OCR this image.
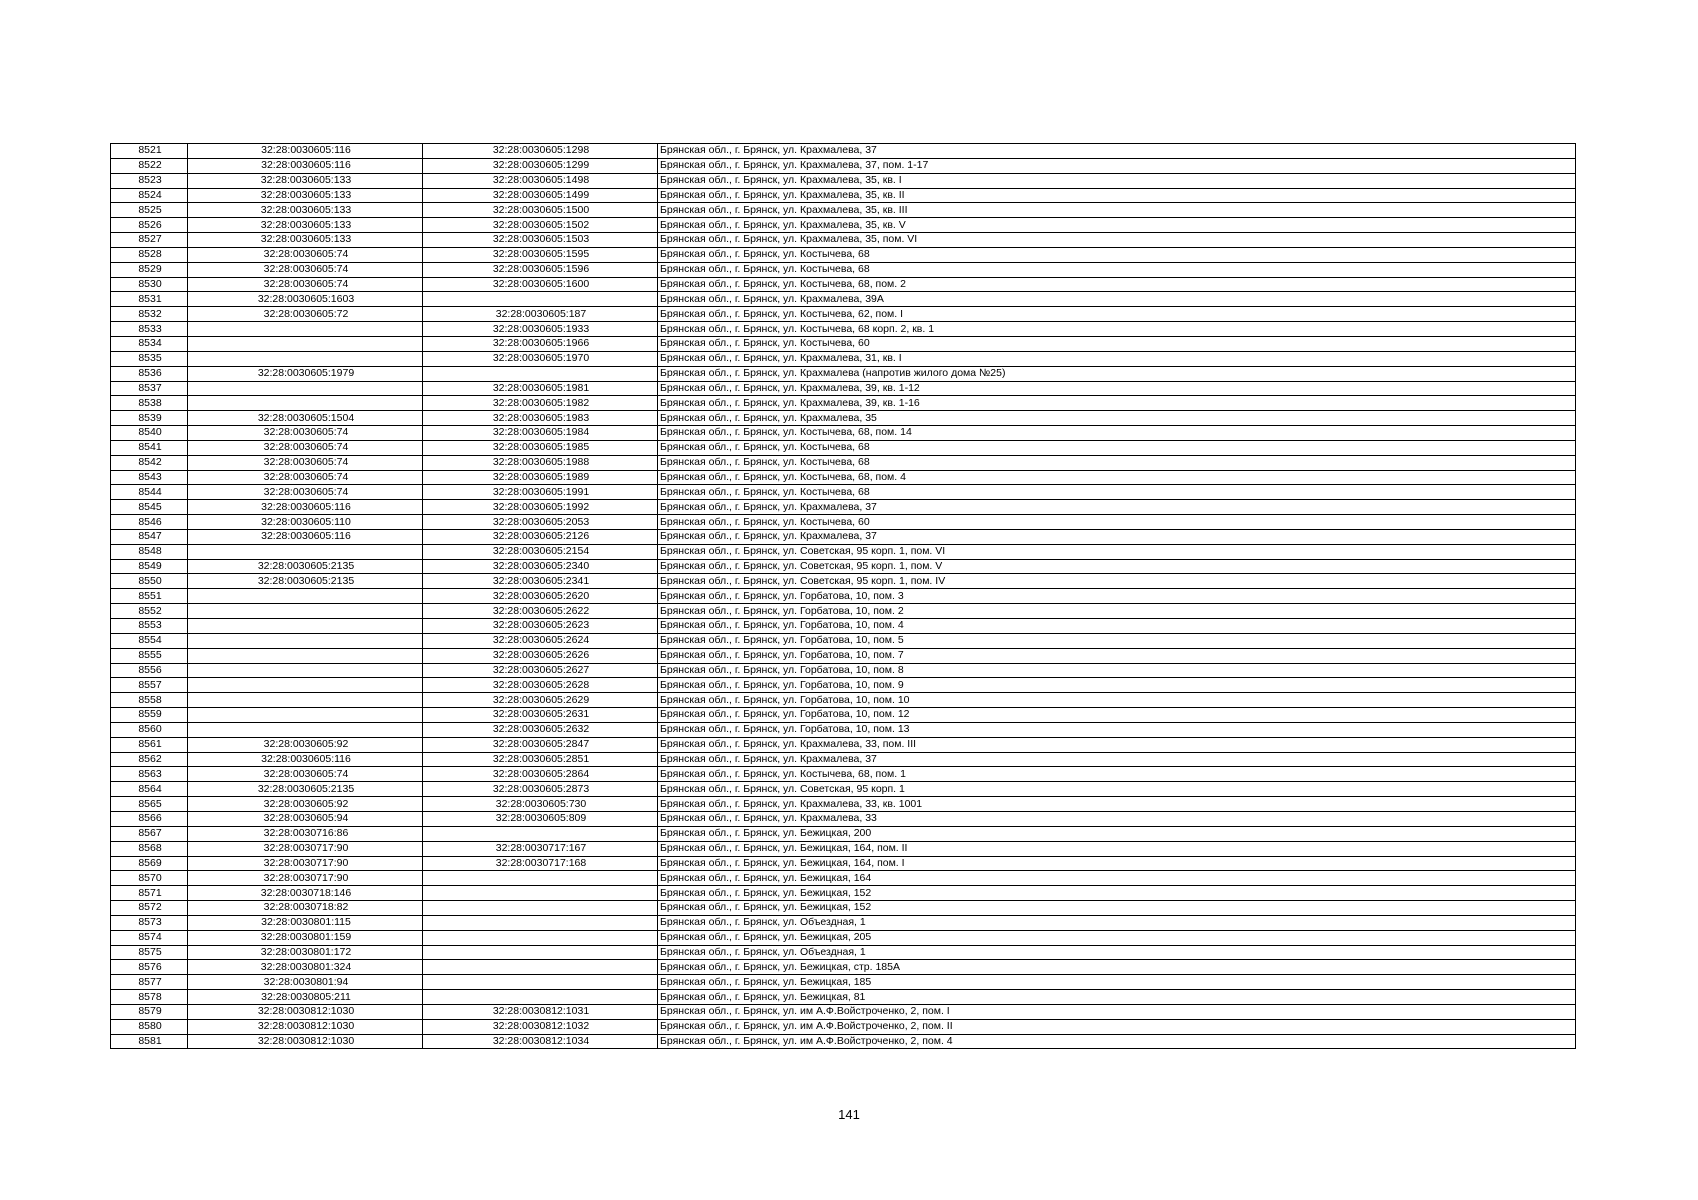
8521	32:28:0030605:116	32:28:0030605:1298	Брянская обл., г. Брянск, ул. Крахмалева, 37
8522	32:28:0030605:116	32:28:0030605:1299	Брянская обл., г. Брянск, ул. Крахмалева, 37, пом. 1-17
8523	32:28:0030605:133	32:28:0030605:1498	Брянская обл., г. Брянск, ул. Крахмалева, 35, кв. I
8524	32:28:0030605:133	32:28:0030605:1499	Брянская обл., г. Брянск, ул. Крахмалева, 35, кв. II
8525	32:28:0030605:133	32:28:0030605:1500	Брянская обл., г. Брянск, ул. Крахмалева, 35, кв. III
8526	32:28:0030605:133	32:28:0030605:1502	Брянская обл., г. Брянск, ул. Крахмалева, 35, кв. V
8527	32:28:0030605:133	32:28:0030605:1503	Брянская обл., г. Брянск, ул. Крахмалева, 35, пом. VI
8528	32:28:0030605:74	32:28:0030605:1595	Брянская обл., г. Брянск, ул. Костычева, 68
8529	32:28:0030605:74	32:28:0030605:1596	Брянская обл., г. Брянск, ул. Костычева, 68
8530	32:28:0030605:74	32:28:0030605:1600	Брянская обл., г. Брянск, ул. Костычева, 68, пом. 2
8531	32:28:0030605:1603		Брянская обл., г. Брянск, ул. Крахмалева, 39А
8532	32:28:0030605:72	32:28:0030605:187	Брянская обл., г. Брянск, ул. Костычева, 62, пом. I
8533		32:28:0030605:1933	Брянская обл., г. Брянск, ул. Костычева, 68 корп. 2, кв. 1
8534		32:28:0030605:1966	Брянская обл., г. Брянск, ул. Костычева, 60
8535		32:28:0030605:1970	Брянская обл., г. Брянск, ул. Крахмалева, 31, кв. I
8536	32:28:0030605:1979		Брянская обл., г. Брянск, ул. Крахмалева (напротив жилого дома №25)
8537		32:28:0030605:1981	Брянская обл., г. Брянск, ул. Крахмалева, 39, кв. 1-12
8538		32:28:0030605:1982	Брянская обл., г. Брянск, ул. Крахмалева, 39, кв. 1-16
8539	32:28:0030605:1504	32:28:0030605:1983	Брянская обл., г. Брянск, ул. Крахмалева, 35
8540	32:28:0030605:74	32:28:0030605:1984	Брянская обл., г. Брянск, ул. Костычева, 68, пом. 14
8541	32:28:0030605:74	32:28:0030605:1985	Брянская обл., г. Брянск, ул. Костычева, 68
8542	32:28:0030605:74	32:28:0030605:1988	Брянская обл., г. Брянск, ул. Костычева, 68
8543	32:28:0030605:74	32:28:0030605:1989	Брянская обл., г. Брянск, ул. Костычева, 68, пом. 4
8544	32:28:0030605:74	32:28:0030605:1991	Брянская обл., г. Брянск, ул. Костычева, 68
8545	32:28:0030605:116	32:28:0030605:1992	Брянская обл., г. Брянск, ул. Крахмалева, 37
8546	32:28:0030605:110	32:28:0030605:2053	Брянская обл., г. Брянск, ул. Костычева, 60
8547	32:28:0030605:116	32:28:0030605:2126	Брянская обл., г. Брянск, ул. Крахмалева, 37
8548		32:28:0030605:2154	Брянская обл., г. Брянск, ул. Советская, 95 корп. 1, пом. VI
8549	32:28:0030605:2135	32:28:0030605:2340	Брянская обл., г. Брянск, ул. Советская, 95 корп. 1, пом. V
8550	32:28:0030605:2135	32:28:0030605:2341	Брянская обл., г. Брянск, ул. Советская, 95 корп. 1, пом. IV
8551		32:28:0030605:2620	Брянская обл., г. Брянск, ул. Горбатова, 10, пом. 3
8552		32:28:0030605:2622	Брянская обл., г. Брянск, ул. Горбатова, 10, пом. 2
8553		32:28:0030605:2623	Брянская обл., г. Брянск, ул. Горбатова, 10, пом. 4
8554		32:28:0030605:2624	Брянская обл., г. Брянск, ул. Горбатова, 10, пом. 5
8555		32:28:0030605:2626	Брянская обл., г. Брянск, ул. Горбатова, 10, пом. 7
8556		32:28:0030605:2627	Брянская обл., г. Брянск, ул. Горбатова, 10, пом. 8
8557		32:28:0030605:2628	Брянская обл., г. Брянск, ул. Горбатова, 10, пом. 9
8558		32:28:0030605:2629	Брянская обл., г. Брянск, ул. Горбатова, 10, пом. 10
8559		32:28:0030605:2631	Брянская обл., г. Брянск, ул. Горбатова, 10, пом. 12
8560		32:28:0030605:2632	Брянская обл., г. Брянск, ул. Горбатова, 10, пом. 13
8561	32:28:0030605:92	32:28:0030605:2847	Брянская обл., г. Брянск, ул. Крахмалева, 33, пом. III
8562	32:28:0030605:116	32:28:0030605:2851	Брянская обл., г. Брянск, ул. Крахмалева, 37
8563	32:28:0030605:74	32:28:0030605:2864	Брянская обл., г. Брянск, ул. Костычева, 68, пом. 1
8564	32:28:0030605:2135	32:28:0030605:2873	Брянская обл., г. Брянск, ул. Советская, 95 корп. 1
8565	32:28:0030605:92	32:28:0030605:730	Брянская обл., г. Брянск, ул. Крахмалева, 33, кв. 1001
8566	32:28:0030605:94	32:28:0030605:809	Брянская обл., г. Брянск, ул. Крахмалева, 33
8567	32:28:0030716:86		Брянская обл., г. Брянск, ул. Бежицкая, 200
8568	32:28:0030717:90	32:28:0030717:167	Брянская обл., г. Брянск, ул. Бежицкая, 164, пом. II
8569	32:28:0030717:90	32:28:0030717:168	Брянская обл., г. Брянск, ул. Бежицкая, 164, пом. I
8570	32:28:0030717:90		Брянская обл., г. Брянск, ул. Бежицкая, 164
8571	32:28:0030718:146		Брянская обл., г. Брянск, ул. Бежицкая, 152
8572	32:28:0030718:82		Брянская обл., г. Брянск, ул. Бежицкая, 152
8573	32:28:0030801:115		Брянская обл., г. Брянск, ул. Объездная, 1
8574	32:28:0030801:159		Брянская обл., г. Брянск, ул. Бежицкая, 205
8575	32:28:0030801:172		Брянская обл., г. Брянск, ул. Объездная, 1
8576	32:28:0030801:324		Брянская обл., г. Брянск, ул. Бежицкая, стр. 185А
8577	32:28:0030801:94		Брянская обл., г. Брянск, ул. Бежицкая, 185
8578	32:28:0030805:211		Брянская обл., г. Брянск, ул. Бежицкая, 81
8579	32:28:0030812:1030	32:28:0030812:1031	Брянская обл., г. Брянск, ул. им А.Ф.Войстроченко, 2, пом. I
8580	32:28:0030812:1030	32:28:0030812:1032	Брянская обл., г. Брянск, ул. им А.Ф.Войстроченко, 2, пом. II
8581	32:28:0030812:1030	32:28:0030812:1034	Брянская обл., г. Брянск, ул. им А.Ф.Войстроченко, 2, пом. 4
141
